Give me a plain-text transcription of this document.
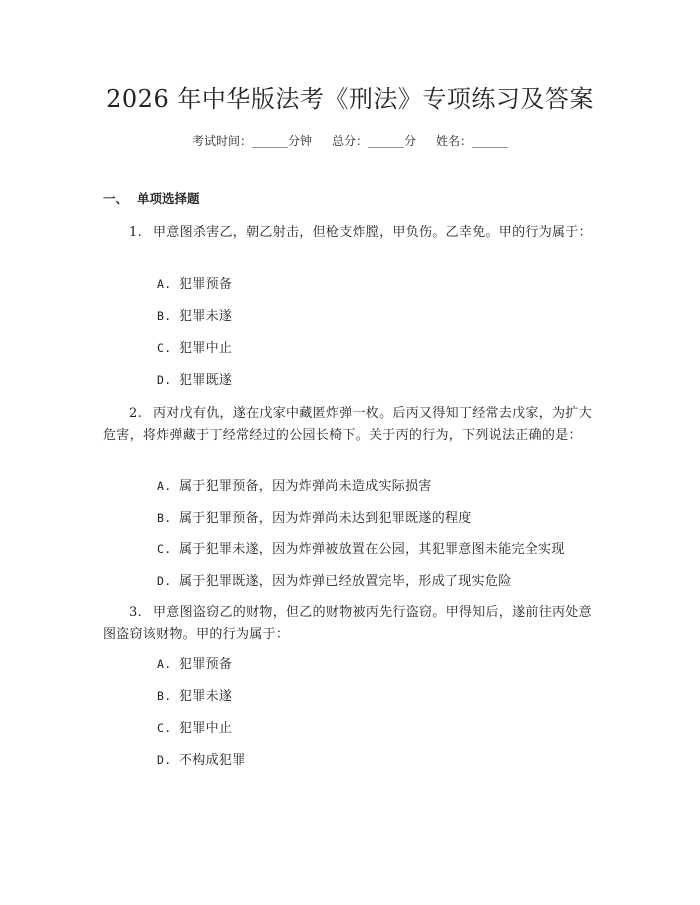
2026 年中华版法考《刑法》专项练习及答案
考试时间：______分钟 总分：______分 姓名：______
一、 单项选择题
1. 甲意图杀害乙，朝乙射击，但枪支炸膛，甲负伤。乙幸免。甲的行为属于：
A. 犯罪预备
B. 犯罪未遂
C. 犯罪中止
D. 犯罪既遂
2. 丙对戊有仇，遂在戊家中藏匿炸弹一枚。后丙又得知丁经常去戊家，为扩大危害，将炸弹藏于丁经常经过的公园长椅下。关于丙的行为，下列说法正确的是：
A. 属于犯罪预备，因为炸弹尚未造成实际损害
B. 属于犯罪预备，因为炸弹尚未达到犯罪既遂的程度
C. 属于犯罪未遂，因为炸弹被放置在公园，其犯罪意图未能完全实现
D. 属于犯罪既遂，因为炸弹已经放置完毕，形成了现实危险
3. 甲意图盗窃乙的财物，但乙的财物被丙先行盗窃。甲得知后，遂前往丙处意图盗窃该财物。甲的行为属于：
A. 犯罪预备
B. 犯罪未遂
C. 犯罪中止
D. 不构成犯罪
